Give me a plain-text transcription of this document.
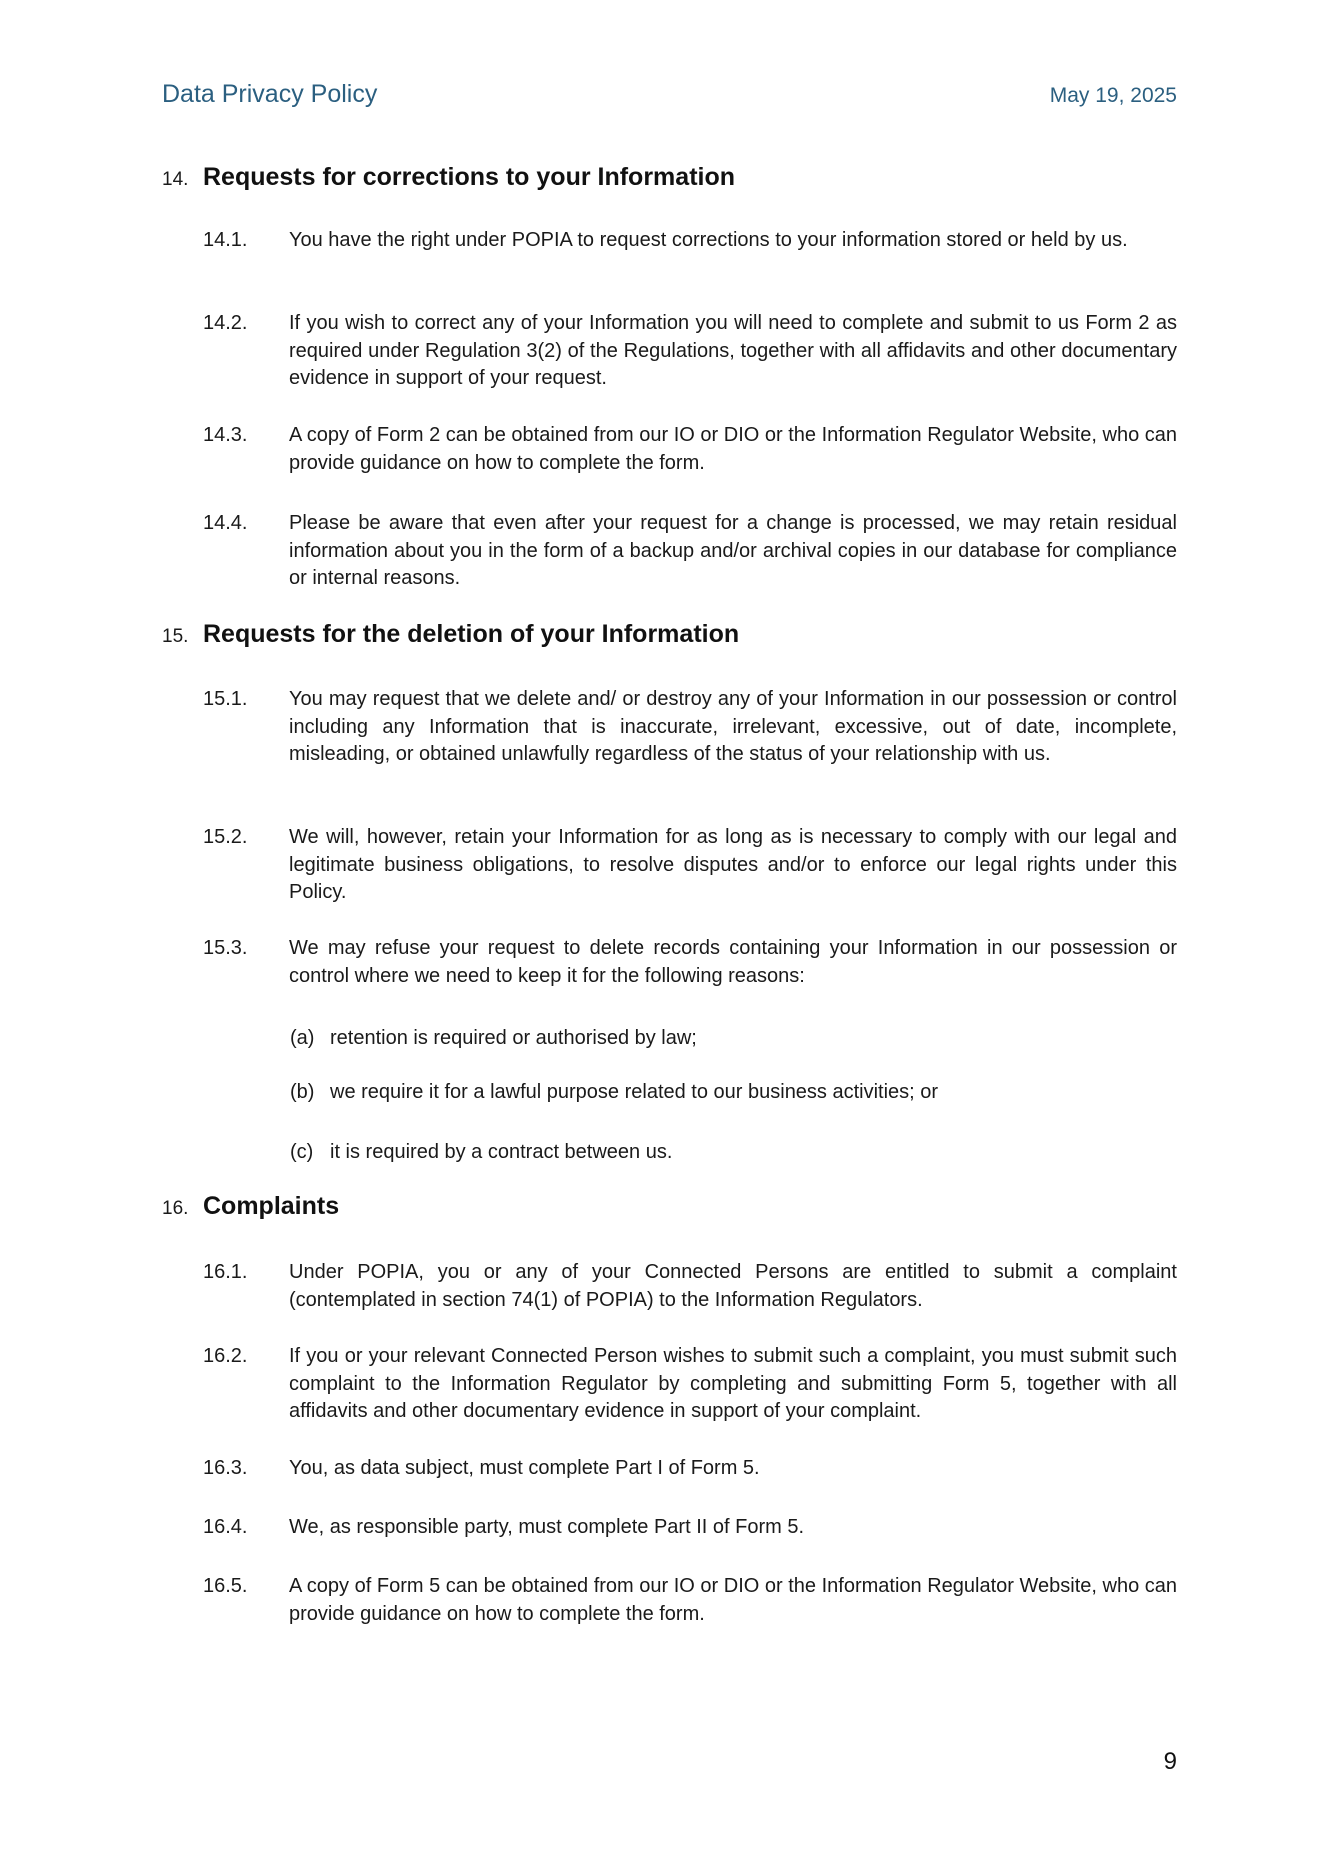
Data Privacy Policy	May 19, 2025
14. Requests for corrections to your Information
14.1.	You have the right under POPIA to request corrections to your information stored or held by us.
14.2.	If you wish to correct any of your Information you will need to complete and submit to us Form 2 as required under Regulation 3(2) of the Regulations, together with all affidavits and other documentary evidence in support of your request.
14.3.	A copy of Form 2 can be obtained from our IO or DIO or the Information Regulator Website, who can provide guidance on how to complete the form.
14.4.	Please be aware that even after your request for a change is processed, we may retain residual information about you in the form of a backup and/or archival copies in our database for compliance or internal reasons.
15. Requests for the deletion of your Information
15.1.	You may request that we delete and/ or destroy any of your Information in our possession or control including any Information that is inaccurate, irrelevant, excessive, out of date, incomplete, misleading, or obtained unlawfully regardless of the status of your relationship with us.
15.2.	We will, however, retain your Information for as long as is necessary to comply with our legal and legitimate business obligations, to resolve disputes and/or to enforce our legal rights under this Policy.
15.3.	We may refuse your request to delete records containing your Information in our possession or control where we need to keep it for the following reasons:
(a) retention is required or authorised by law;
(b) we require it for a lawful purpose related to our business activities; or
(c) it is required by a contract between us.
16. Complaints
16.1.	Under POPIA, you or any of your Connected Persons are entitled to submit a complaint (contemplated in section 74(1) of POPIA) to the Information Regulators.
16.2.	If you or your relevant Connected Person wishes to submit such a complaint, you must submit such complaint to the Information Regulator by completing and submitting Form 5, together with all affidavits and other documentary evidence in support of your complaint.
16.3.	You, as data subject, must complete Part I of Form 5.
16.4.	We, as responsible party, must complete Part II of Form 5.
16.5.	A copy of Form 5 can be obtained from our IO or DIO or the Information Regulator Website, who can provide guidance on how to complete the form.
9
